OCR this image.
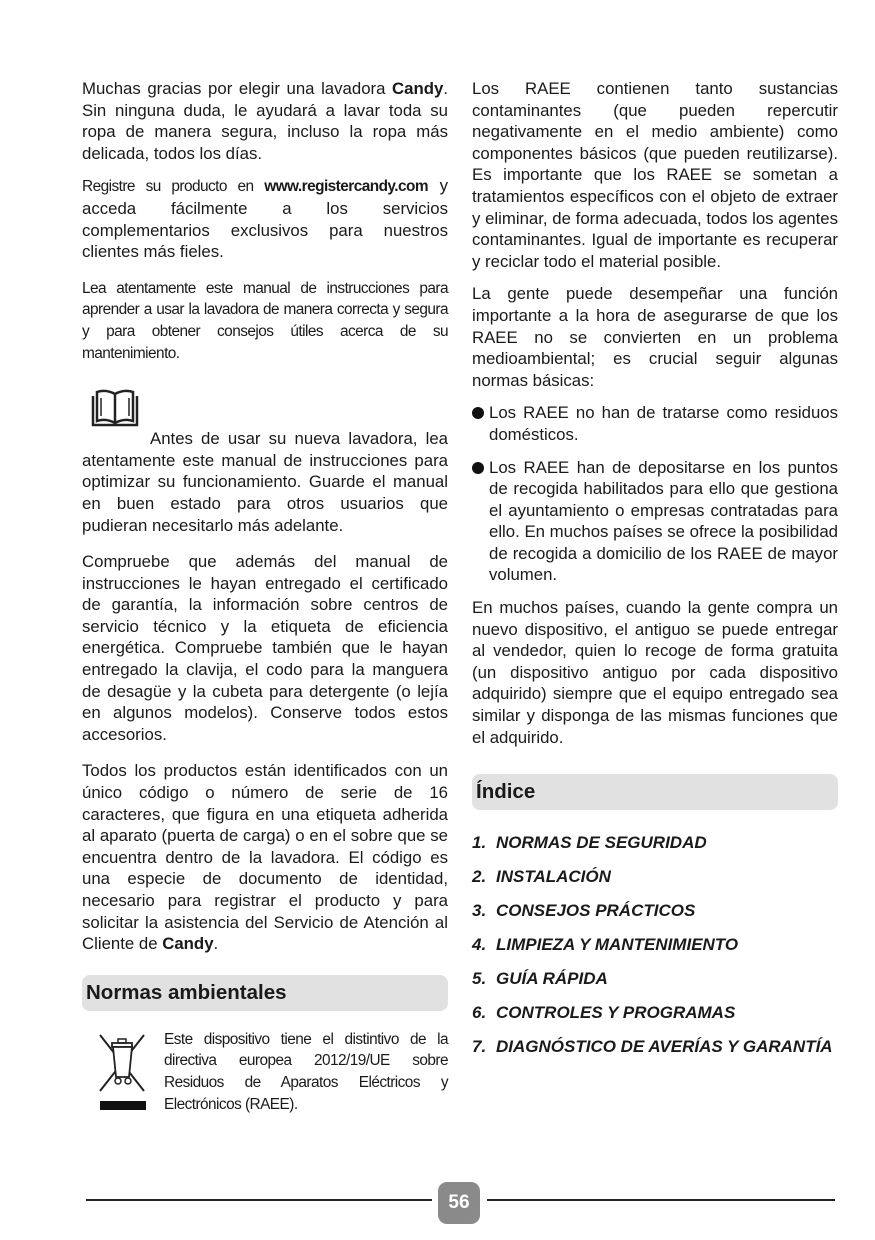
Muchas gracias por elegir una lavadora Candy. Sin ninguna duda, le ayudará a lavar toda su ropa de manera segura, incluso la ropa más delicada, todos los días.

Registre su producto en www.registercandy.com y acceda fácilmente a los servicios complementarios exclusivos para nuestros clientes más fieles.

Lea atentamente este manual de instrucciones para aprender a usar la lavadora de manera correcta y segura y para obtener consejos útiles acerca de su mantenimiento.

Antes de usar su nueva lavadora, lea atentamente este manual de instrucciones para optimizar su funcionamiento. Guarde el manual en buen estado para otros usuarios que pudieran necesitarlo más adelante.

Compruebe que además del manual de instrucciones le hayan entregado el certificado de garantía, la información sobre centros de servicio técnico y la etiqueta de eficiencia energética. Compruebe también que le hayan entregado la clavija, el codo para la manguera de desagüe y la cubeta para detergente (o lejía en algunos modelos). Conserve todos estos accesorios.

Todos los productos están identificados con un único código o número de serie de 16 caracteres, que figura en una etiqueta adherida al aparato (puerta de carga) o en el sobre que se encuentra dentro de la lavadora. El código es una especie de documento de identidad, necesario para registrar el producto y para solicitar la asistencia del Servicio de Atención al Cliente de Candy.

Normas ambientales

Este dispositivo tiene el distintivo de la directiva europea 2012/19/UE sobre Residuos de Aparatos Eléctricos y Electrónicos (RAEE).

Los RAEE contienen tanto sustancias contaminantes (que pueden repercutir negativamente en el medio ambiente) como componentes básicos (que pueden reutilizarse). Es importante que los RAEE se sometan a tratamientos específicos con el objeto de extraer y eliminar, de forma adecuada, todos los agentes contaminantes. Igual de importante es recuperar y reciclar todo el material posible.

La gente puede desempeñar una función importante a la hora de asegurarse de que los RAEE no se convierten en un problema medioambiental; es crucial seguir algunas normas básicas:

Los RAEE no han de tratarse como residuos domésticos.

Los RAEE han de depositarse en los puntos de recogida habilitados para ello que gestiona el ayuntamiento o empresas contratadas para ello. En muchos países se ofrece la posibilidad de recogida a domicilio de los RAEE de mayor volumen.

En muchos países, cuando la gente compra un nuevo dispositivo, el antiguo se puede entregar al vendedor, quien lo recoge de forma gratuita (un dispositivo antiguo por cada dispositivo adquirido) siempre que el equipo entregado sea similar y disponga de las mismas funciones que el adquirido.

Índice
1. NORMAS DE SEGURIDAD
2. INSTALACIÓN
3. CONSEJOS PRÁCTICOS
4. LIMPIEZA Y MANTENIMIENTO
5. GUÍA RÁPIDA
6. CONTROLES Y PROGRAMAS
7. DIAGNÓSTICO DE AVERÍAS Y GARANTÍA
56
